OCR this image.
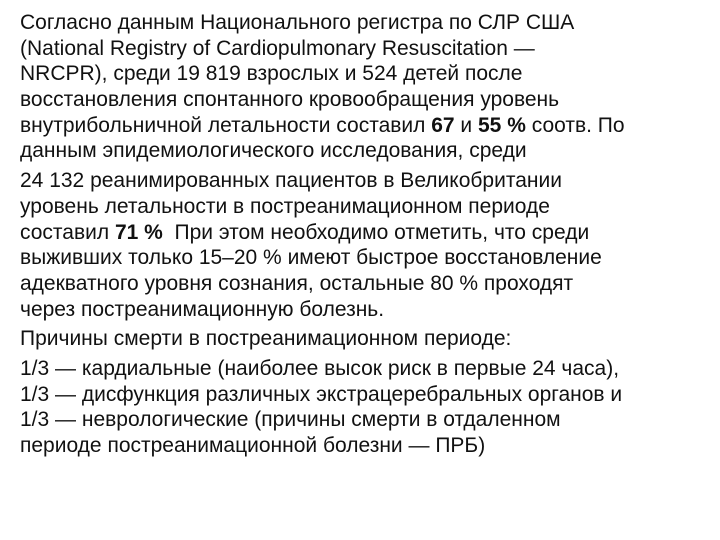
Согласно данным Национального регистра по СЛР США
(National Registry of Cardiopulmonary Resuscitation —
NRCPR), среди 19 819 взрослых и 524 детей после
восстановления спонтанного кровообращения уровень
внутрибольничной летальности составил 67 и 55 % соотв. По
данным эпидемиологического исследования, среди
24 132 реанимированных пациентов в Великобритании
уровень летальности в постреанимационном периоде
составил 71 %  При этом необходимо отметить, что среди
выживших только 15–20 % имеют быстрое восстановление
адекватного уровня сознания, остальные 80 % проходят
через постреанимационную болезнь.
Причины смерти в постреанимационном периоде:
1/3 — кардиальные (наиболее высок риск в первые 24 часа),
1/3 — дисфункция различных экстрацеребральных органов и
1/3 — неврологические (причины смерти в отдаленном
периоде постреанимационной болезни — ПРБ)
